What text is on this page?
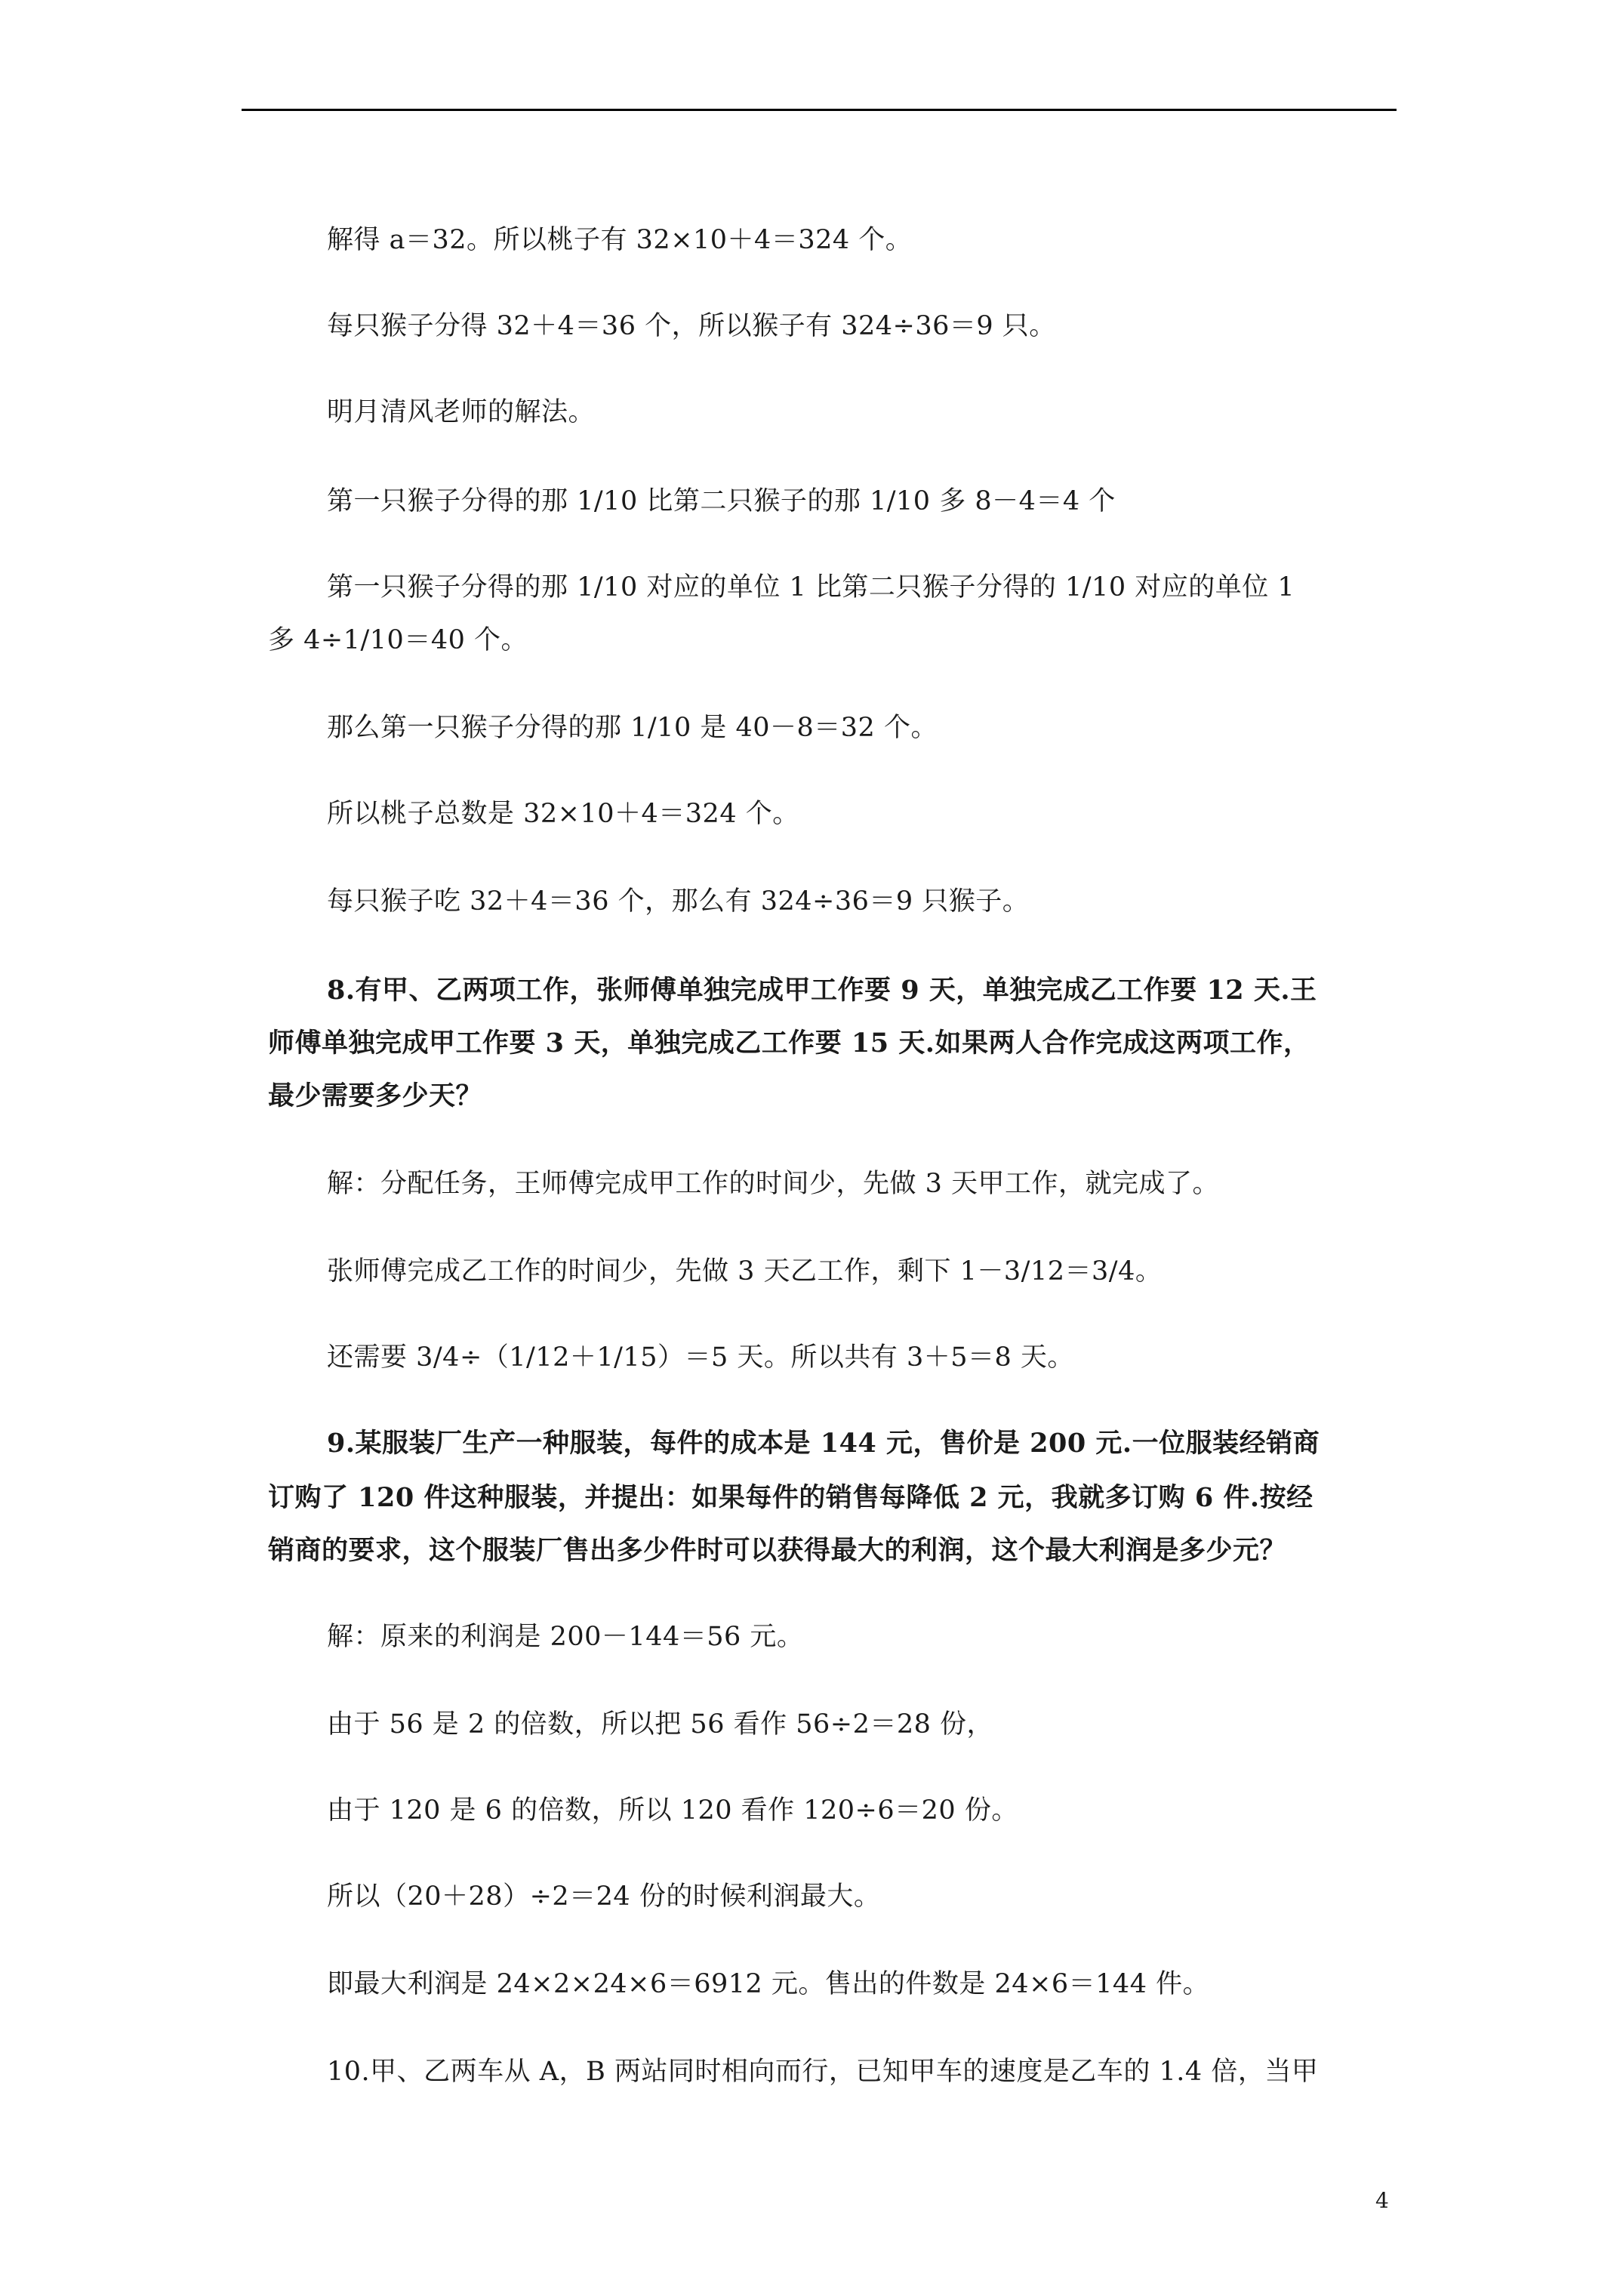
解得 a＝32。所以桃子有 32×10＋4＝324 个。
每只猴子分得 32＋4＝36 个，所以猴子有 324÷36＝9 只。
明月清风老师的解法。
第一只猴子分得的那 1/10 比第二只猴子的那 1/10 多 8－4＝4 个
第一只猴子分得的那 1/10 对应的单位 1 比第二只猴子分得的 1/10 对应的单位 1
多 4÷1/10＝40 个。
那么第一只猴子分得的那 1/10 是 40－8＝32 个。
所以桃子总数是 32×10＋4＝324 个。
每只猴子吃 32＋4＝36 个，那么有 324÷36＝9 只猴子。
8.有甲、乙两项工作，张师傅单独完成甲工作要 9 天，单独完成乙工作要 12 天.王
师傅单独完成甲工作要 3 天，单独完成乙工作要 15 天.如果两人合作完成这两项工作，
最少需要多少天？
解：分配任务，王师傅完成甲工作的时间少，先做 3 天甲工作，就完成了。
张师傅完成乙工作的时间少，先做 3 天乙工作，剩下 1－3/12＝3/4。
还需要 3/4÷（1/12＋1/15）＝5 天。所以共有 3＋5＝8 天。
9.某服装厂生产一种服装，每件的成本是 144 元，售价是 200 元.一位服装经销商
订购了 120 件这种服装，并提出：如果每件的销售每降低 2 元，我就多订购 6 件.按经
销商的要求，这个服装厂售出多少件时可以获得最大的利润，这个最大利润是多少元？
解：原来的利润是 200－144＝56 元。
由于 56 是 2 的倍数，所以把 56 看作 56÷2＝28 份，
由于 120 是 6 的倍数，所以 120 看作 120÷6＝20 份。
所以（20＋28）÷2＝24 份的时候利润最大。
即最大利润是 24×2×24×6＝6912 元。售出的件数是 24×6＝144 件。
10.甲、乙两车从 A，B 两站同时相向而行，已知甲车的速度是乙车的 1.4 倍，当甲
4
